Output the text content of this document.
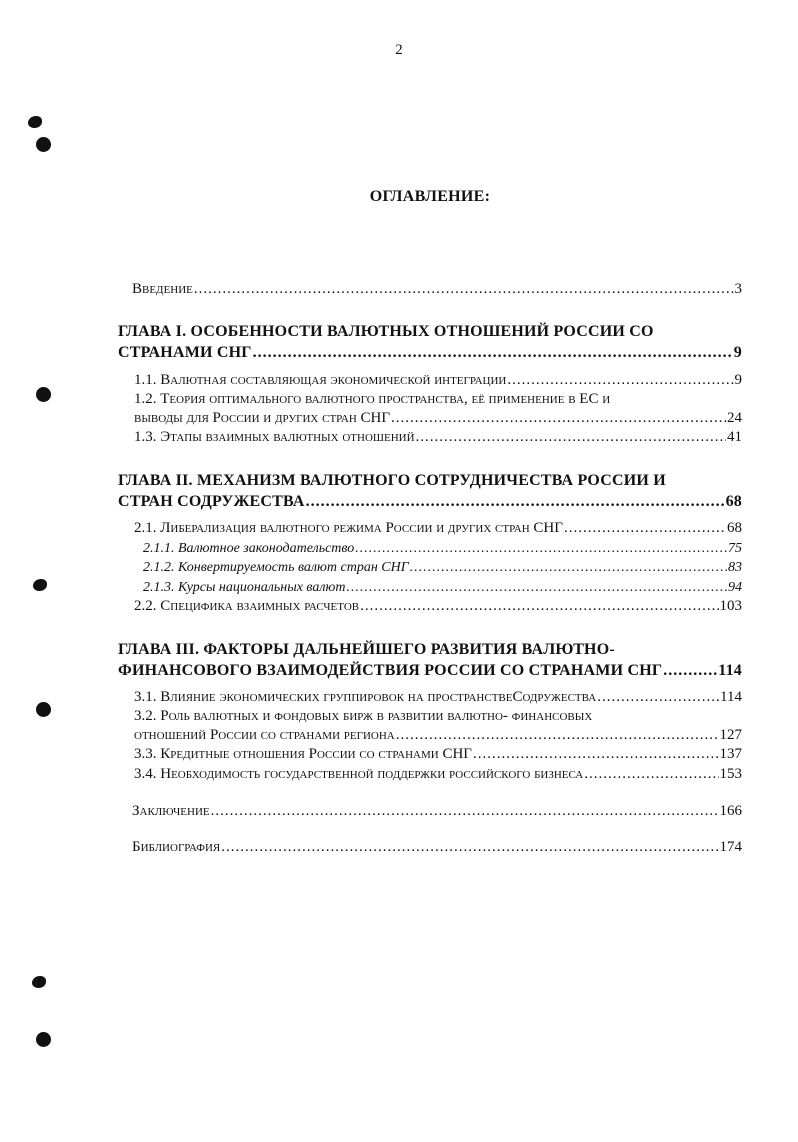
2
ОГЛАВЛЕНИЕ:
Введение .....	3
ГЛАВА I. ОСОБЕННОСТИ ВАЛЮТНЫХ ОТНОШЕНИЙ РОССИИ СО
СТРАНАМИ СНГ .....	9
1.1. Валютная составляющая экономической интеграции .....	9
1.2. Теория оптимального валютного пространства, её применение в ЕС и
выводы для России и других стран СНГ .....	24
1.3. Этапы взаимных валютных отношений .....	41
ГЛАВА II. МЕХАНИЗМ ВАЛЮТНОГО СОТРУДНИЧЕСТВА РОССИИ И
СТРАН СОДРУЖЕСТВА .....	68
2.1. Либерализация валютного режима России и других стран СНГ .....	68
2.1.1. Валютное законодательство .....	75
2.1.2. Конвертируемость валют стран СНГ .....	83
2.1.3. Курсы национальных валют .....	94
2.2. Специфика взаимных расчетов .....	103
ГЛАВА III. ФАКТОРЫ ДАЛЬНЕЙШЕГО РАЗВИТИЯ ВАЛЮТНО-
ФИНАНСОВОГО ВЗАИМОДЕЙСТВИЯ РОССИИ СО СТРАНАМИ СНГ .....	114
3.1. Влияние экономических группировок на пространствеСодружества .....	114
3.2. Роль валютных и фондовых бирж в развитии валютно- финансовых
отношений России со странами региона .....	127
3.3. Кредитные отношения России со странами СНГ .....	137
3.4. Необходимость государственной поддержки российского бизнеса .....	153
Заключение .....	166
Библиография .....	174
